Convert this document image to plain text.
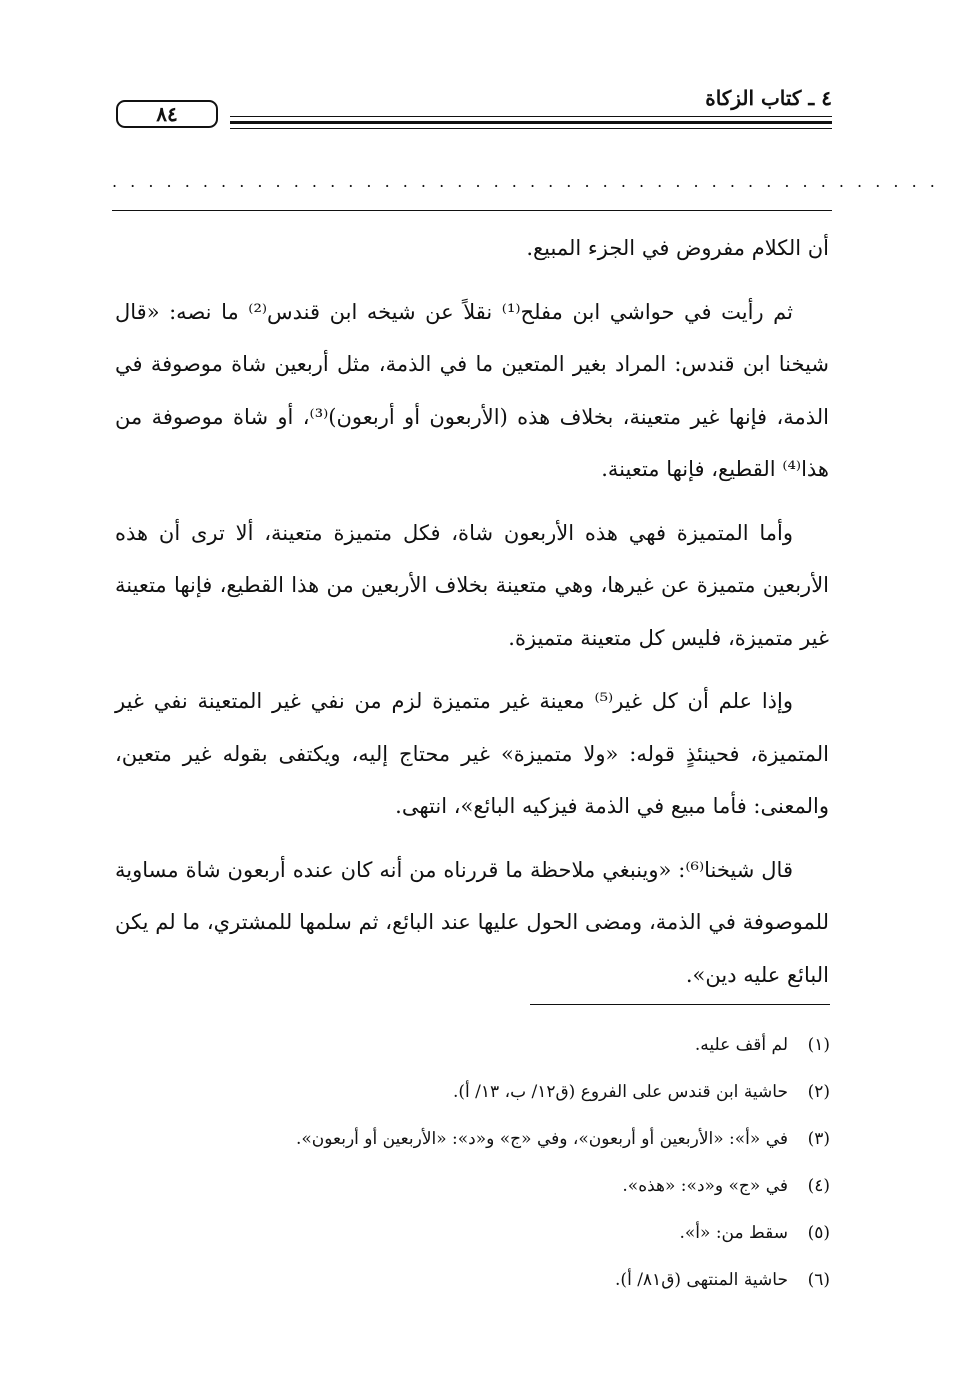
٤ ـ كتاب الزكاة
٨٤
. . . . . . . . . . . . . . . . . . . . . . . . . . . . . . . . . . . . . . . . . . . . . .

أن الكلام مفروض في الجزء المبيع.

ثم رأيت في حواشي ابن مفلح⁽¹⁾ نقلاً عن شيخه ابن قندس⁽²⁾ ما نصه: «قال شيخنا ابن قندس: المراد بغير المتعين ما في الذمة، مثل أربعين شاة موصوفة في الذمة، فإنها غير متعينة، بخلاف هذه (الأربعون أو أربعون)⁽³⁾، أو شاة موصوفة من هذا⁽⁴⁾ القطيع، فإنها متعينة.

وأما المتميزة فهي هذه الأربعون شاة، فكل متميزة متعينة، ألا ترى أن هذه الأربعين متميزة عن غيرها، وهي متعينة بخلاف الأربعين من هذا القطيع، فإنها متعينة غير متميزة، فليس كل متعينة متميزة.

وإذا علم أن كل غير⁽⁵⁾ معينة غير متميزة لزم من نفي غير المتعينة نفي غير المتميزة، فحينئذٍ قوله: «ولا متميزة» غير محتاج إليه، ويكتفى بقوله غير متعين، والمعنى: فأما مبيع في الذمة فيزكيه البائع»، انتهى.

قال شيخنا⁽⁶⁾: «وينبغي ملاحظة ما قررناه من أنه كان عنده أربعون شاة مساوية للموصوفة في الذمة، ومضى الحول عليها عند البائع، ثم سلمها للمشتري، ما لم يكن البائع عليه دين».

(١)
لم أقف عليه.
(٢)
حاشية ابن قندس على الفروع (ق١٢/ ب، ١٣/ أ).
(٣)
في «أ»: «الأربعين أو أربعون»، وفي «ج» و«د»: «الأربعين أو أربعون».
(٤)
في «ج» و«د»: «هذه».
(٥)
سقط من: «أ».
(٦)
حاشية المنتهى (ق٨١/ أ).
